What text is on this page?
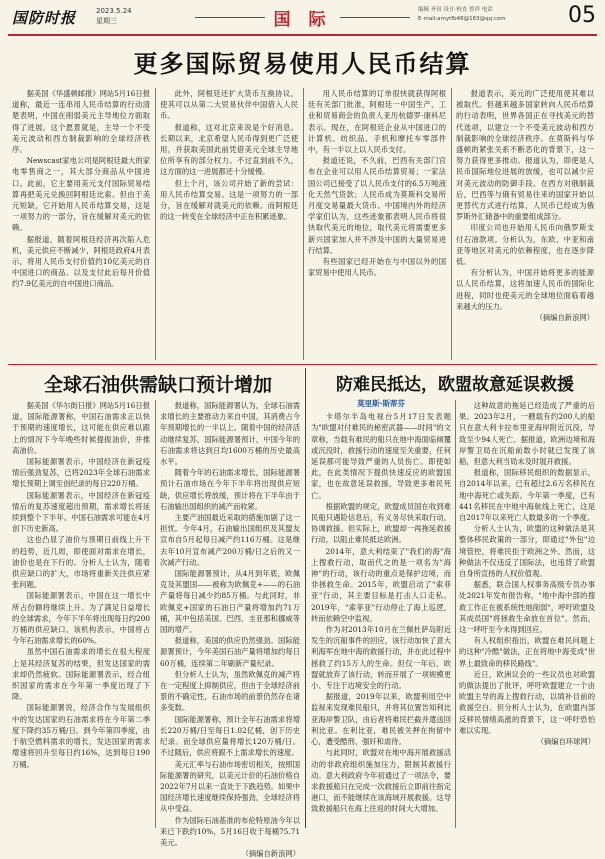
国防时报	2023.5.24
星期三	国 际	编辑 齐田 设计·校直 曾祥 电话
E-mail:amytfb48@163@qq.com	05
更多国际贸易使用人民币结算

据美国《华盛顿邮报》网站5月16日报道称，最近一连串用人民币结算的行动清楚表明，中国在削弱美元主导地位方面取得了进展。这个愿景就是，主导一个不受美元波动和西方制裁影响的全球经济秩序。

Newscast家电公司是阿根廷最大的家电零售商之一，其大部分商品从中国进口。此前，它主要用美元支付国际贸易结算再把美元兑换回阿根廷比索。但由于美元短缺，它开始用人民币结算交易，这是一项努力的一部分，旨在缓解对美元的依赖。

据报道，随着阿根廷经济再次陷入危机，美元供应不断减少，阿根廷政府4月表示，将用人民币支付价值约10亿美元的自中国进口的商品。以及支付此后每月价值约7.9亿美元的自中国进口商品。

此外，阿根廷还扩大货币互换协议，使其可以从第二大贸易伙伴中国借入人民币。

报道称，这对北京来说是个好消息。长期以来，北京希望人民币得到更广泛使用，并获取美国此前凭借美元全球主导地位所享有的部分权力。不过直到前不久，这方面的这一进展都还十分缓慢。

但上个月，该公司开始了新的尝试：用人民币结算交易。这是一项努力的一部分，旨在缓解对就美元的依赖。而阿根廷的这一转变在全球经济中正在积累迹象。

用人民币结算的订单很快就获得阿根廷有关部门批准，阿根廷一中国生产、工业和贸易商会的负责人亚历杭德罗·康科尼表示。现在，在阿根廷企业从中国进口的计算机、纺织品、手机和摩托车零部件中，有一半以上以人民币支付。

报道还说，不久前，巴西有关部门官布在企业可以用人民币结算贸易；一家法国公司已接受了以人民币支付的6.5万吨液化天然气货款；人民币成为莫斯科交易所月度交易量最大货币。中国境内外的经济学家们认为，这些迹象都表明人民币将很快取代美元的地位，取代美元将需要更多新兴国家加入并不涉及中国的大量贸易进行结算。

有些国家已经开始在与中国以外的国家贸易中使用人民币。

报道表示，美元的广泛使用使其难以被取代。但越来越多国家转向人民币结算的行动表明，世界各国正在寻找美元的替代选项，以建立一个不受美元波动和西方制裁影响的全球经济秩序。在莫斯科与华盛顿的紧张关系不断恶化的背景下，这一努力获得更多推动。报道认为，即使是人民币国际地位进展的放缓，也可以减少应对美元波动的防御手段。在西方对俄制裁后，巴西等与俄有贸易往来的国家开始以更替代方式进行结算，人民币已经成为俄罗斯外汇储备中的重要组成部分。

印度公司也开始用人民币向俄罗斯支付石油款项。分析认为，东欧、中亚和南亚等地区对美元的依赖程度，也在逐步降低。

有分析认为，中国开始将更多的能源以人民币结算，这将加速人民币的国际化进程，同时也使美元的全球地位面临着越来越大的压力。

（摘编自新浪网）

全球石油供需缺口预计增加

据美国《华尔街日报》网站5月16日报道，国际能源署称，中国石油需求正以快于预期的速度增长，这可能在供应难以跟上的情况下今年晚些时候提振油价，并推高油价。

国际能源署表示，中国经济在新冠疫情后强劲复苏，已将2023年全球石油需求增长预期上调至创纪录的每日220万桶。

国际能源署表示，中国经济在新冠疫情后的复苏速度超出预期，需求增长将延续到整个下半年。中国石油需求可能在4月创下历史新高。

这也凸显了油价与预期日前线上升下的趋势，近几周，即使面对需求在增长，油价也是在下行的。分析人士认为，随着供应缺口的扩大，市场将重新关注供应紧张问题。

国际能源署表示，中国在这一增长中所占份额将继续上升。为了满足日益增长的全球需求，今年下半年将出现每日约200万桶的供应缺口。该机构表示，中国将占今年石油需求增长的60%。

虽然中国石油需求的增长在很大程度上是其经济复苏的结果，但发达国家的需求却仍然疲软。国际能源署表示，经合组织国家的需求在今年第一季度出现了下降。

国际能源署说，经济合作与发展组织中的发达国家的石油需求将在今年第二季度下降约35万桶/日。到今年第四季度，由于航空燃料需求的增长，发达国家的需求增速将回升至每日约16%，达到每日190万桶。

报道称，国际能源署认为，全球石油需求增长的主要推动力来自中国，其消费占今年预期增长的一半以上。随着中国的经济活动继续复苏，国际能源署预计，中国今年的石油需求将达到日均1600万桶的历史最高水平。

随着今年的石油需求增长，国际能源署预计石油市场在今年下半年将出现供应短缺，供应增长将放缓，预计将在下半年由于石油输出国组织的减产而收紧。

主要产油国最近采取的措施加剧了这一担忧。今年4月，石油输出国组织及其盟友宣布自5月起每日减产约116万桶。这是继去年10月宣布减产200万桶/日之后的又一次减产行动。

国际能源署预计，从4月到年底，欧佩克及其盟国——被称为欧佩克+——的石油产量将每日减少约85万桶。与此同时，非欧佩克+国家的石油日产量将增加约71万桶，其中包括美国、巴西、圭亚那和挪威等国的增产。

报道称，美国的供应仍然强劲。国际能源署预计，今年美国石油产量将增加约每日60万桶，连续第二年刷新产量纪录。

但分析人士认为，虽然欧佩克的减产将在一定程度上抑制供应，但由于全球经济前景的不确定性，石油市场的前景仍然存在诸多变数。

国际能源署称，预计全年石油需求将增长220万桶/日至每日1.02亿桶，创下历史纪录。而全球供应量将增长120万桶/日。不过随后，供应将跟不上需求增长的速度。

美元汇率与石油市场密切相关，按照国际能源署的研究，以美元计价的石油价格自2022年7月以来一直处于下跌趋势。如果中国经济增长速度继续保持强劲，全球经济将从中受益。

作为国际石油基准的布伦特原油今年以来已下跌约10%，5月16日收于每桶75.71美元。

（摘编自新浪网）

防难民抵达，欧盟故意延误救援

莫里斯·斯蒂芬

卡塔尔半岛电视台5月17日发表题为"欧盟对付难民的秘密武器——时间"的文章称，当载有难民的船只在地中海面临倾覆或沉没时，救援行动的速度至关重要，任何延误都可能导致严重的人员伤亡。即使如此，在此类情况下提供快速反应的欧盟国家，也在故意延误救援，导致更多难民死亡。

根据欧盟的规定，欧盟成员国在收到难民船只遇险信息后，有义务尽快采取行动，协调救援。但实际上，欧盟却一再拖延救援行动，以阻止难民抵达欧洲。

2014年，意大利结束了"我们的海"海上搜救行动，取而代之的是一项名为"海神"的行动，该行动的重点是保护边境，而非拯救生命。2015年，欧盟启动了"索菲亚"行动，其主要目标是打击人口走私。2019年，"索菲亚"行动停止了海上巡逻，转而依赖空中监视。

作为对2013年10月在兰佩杜萨岛附近发生的沉船事件的回应，该行动加快了意大利海军在地中海的救援行动，并在此过程中拯救了约15万人的生命。但仅一年后，欧盟就放弃了该行动，转而开展了一项规模更小、专注于边境安全的行动。

据报道，2019年以来，欧盟利用空中监视来发现难民船只，并将其位置告知利比亚海岸警卫队，由后者将难民拦截并遣送回利比亚。在利比亚，难民被关押在拘留中心，遭受酷刑、强奸和虐待。

与此同时，欧盟对在地中海开展救援活动的非政府组织施加压力，限制其救援行动。意大利政府今年初通过了一项法令，要求救援船只在完成一次救援后立即前往指定港口，而不能继续在该海域开展救援。这导致救援船只在海上往返的时间大大增加。

这种故意的拖延已经造成了严重的后果。2023年2月，一艘载有约200人的船只在意大利卡拉布里亚海岸附近沉没，导致至少94人死亡。据报道，欧洲边境和海岸警卫局在沉船前数小时就已发现了该船，但意大利当局未及时展开救援。

报道称，国际移民组织的数据显示，自2014年以来，已有超过2.6万名移民在地中海死亡或失踪。今年第一季度，已有441名移民在中地中海航线上死亡，这是自2017年以来死亡人数最多的一个季度。

分析人士认为，欧盟的这种做法是其整体移民政策的一部分，即通过"外包"边境管控，将难民拒于欧洲之外。然而，这种做法不仅违反了国际法，也违背了欧盟自身所宣扬的人权价值观。

据悉，联合国人权事务高级专员办事处2021年发布报告称，"地中海中部的搜救工作正在被系统性地削弱"，呼吁欧盟及其成员国"将拯救生命放在首位"。然而，这一呼吁至今未得到回应。

有人权组织指出，欧盟在难民问题上的这种"冷酷"做法，正在将地中海变成"世界上最致命的移民路线"。

近日，欧洲议会的一些议员也对欧盟的做法提出了批评，呼吁欧盟建立一个由欧盟主导的海上搜救行动，以填补目前的救援空白。但分析人士认为，在欧盟内部反移民情绪高涨的背景下，这一呼吁恐怕难以实现。

（摘编自环球网）
